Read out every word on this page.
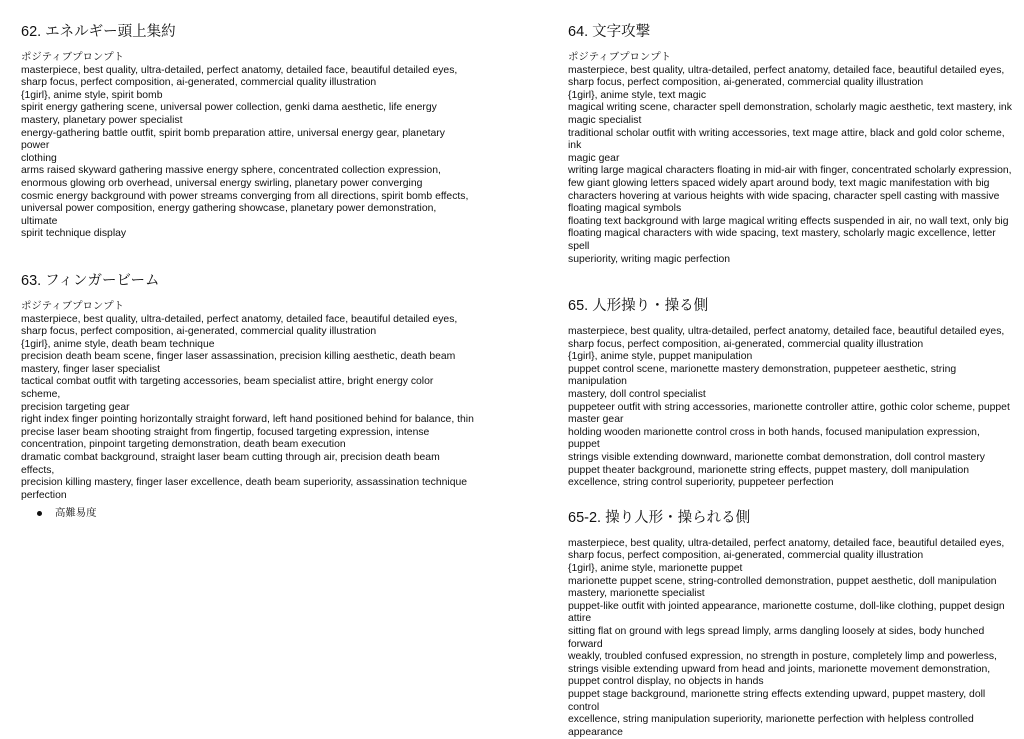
62. エネルギー頭上集約

ポジティブプロンプト

masterpiece, best quality, ultra-detailed, perfect anatomy, detailed face, beautiful detailed eyes,

sharp focus, perfect composition, ai-generated, commercial quality illustration

{1girl}, anime style, spirit bomb

spirit energy gathering scene, universal power collection, genki dama aesthetic, life energy

mastery, planetary power specialist

energy-gathering battle outfit, spirit bomb preparation attire, universal energy gear, planetary power

clothing

arms raised skyward gathering massive energy sphere, concentrated collection expression,

enormous glowing orb overhead, universal energy swirling, planetary power converging

cosmic energy background with power streams converging from all directions, spirit bomb effects,

universal power composition, energy gathering showcase, planetary power demonstration, ultimate

spirit technique display

63. フィンガービーム

ポジティブプロンプト

masterpiece, best quality, ultra-detailed, perfect anatomy, detailed face, beautiful detailed eyes,

sharp focus, perfect composition, ai-generated, commercial quality illustration

{1girl}, anime style, death beam technique

precision death beam scene, finger laser assassination, precision killing aesthetic, death beam

mastery, finger laser specialist

tactical combat outfit with targeting accessories, beam specialist attire, bright energy color scheme,

precision targeting gear

right index finger pointing horizontally straight forward, left hand positioned behind for balance, thin

precise laser beam shooting straight from fingertip, focused targeting expression, intense

concentration, pinpoint targeting demonstration, death beam execution

dramatic combat background, straight laser beam cutting through air, precision death beam effects,

precision killing mastery, finger laser excellence, death beam superiority, assassination technique

perfection

高難易度
64. 文字攻撃

ポジティブプロンプト

masterpiece, best quality, ultra-detailed, perfect anatomy, detailed face, beautiful detailed eyes,

sharp focus, perfect composition, ai-generated, commercial quality illustration

{1girl}, anime style, text magic

magical writing scene, character spell demonstration, scholarly magic aesthetic, text mastery, ink

magic specialist

traditional scholar outfit with writing accessories, text mage attire, black and gold color scheme, ink

magic gear

writing large magical characters floating in mid-air with finger, concentrated scholarly expression,

few giant glowing letters spaced widely apart around body, text magic manifestation with big

characters hovering at various heights with wide spacing, character spell casting with massive

floating magical symbols

floating text background with large magical writing effects suspended in air, no wall text, only big

floating magical characters with wide spacing, text mastery, scholarly magic excellence, letter spell

superiority, writing magic perfection

65. 人形操り・操る側

masterpiece, best quality, ultra-detailed, perfect anatomy, detailed face, beautiful detailed eyes,

sharp focus, perfect composition, ai-generated, commercial quality illustration

{1girl}, anime style, puppet manipulation

puppet control scene, marionette mastery demonstration, puppeteer aesthetic, string manipulation

mastery, doll control specialist

puppeteer outfit with string accessories, marionette controller attire, gothic color scheme, puppet

master gear

holding wooden marionette control cross in both hands, focused manipulation expression, puppet

strings visible extending downward, marionette combat demonstration, doll control mastery

puppet theater background, marionette string effects, puppet mastery, doll manipulation

excellence, string control superiority, puppeteer perfection

65-2. 操り人形・操られる側

masterpiece, best quality, ultra-detailed, perfect anatomy, detailed face, beautiful detailed eyes,

sharp focus, perfect composition, ai-generated, commercial quality illustration

{1girl}, anime style, marionette puppet

marionette puppet scene, string-controlled demonstration, puppet aesthetic, doll manipulation

mastery, marionette specialist

puppet-like outfit with jointed appearance, marionette costume, doll-like clothing, puppet design

attire

sitting flat on ground with legs spread limply, arms dangling loosely at sides, body hunched forward

weakly, troubled confused expression, no strength in posture, completely limp and powerless,

strings visible extending upward from head and joints, marionette movement demonstration,

puppet control display, no objects in hands

puppet stage background, marionette string effects extending upward, puppet mastery, doll control

excellence, string manipulation superiority, marionette perfection with helpless controlled

appearance
